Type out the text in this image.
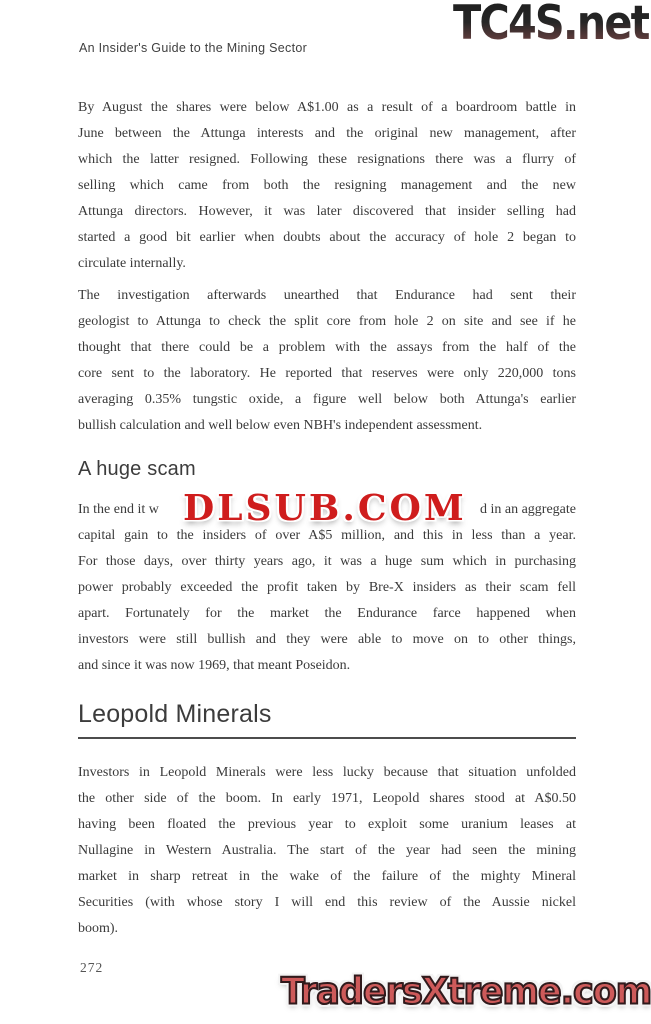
An Insider's Guide to the Mining Sector	TC4S.net
By August the shares were below A$1.00 as a result of a boardroom battle in
June between the Attunga interests and the original new management, after
which the latter resigned. Following these resignations there was a flurry of
selling which came from both the resigning management and the new
Attunga directors. However, it was later discovered that insider selling had
started a good bit earlier when doubts about the accuracy of hole 2 began to
circulate internally.
The investigation afterwards unearthed that Endurance had sent their
geologist to Attunga to check the split core from hole 2 on site and see if he
thought that there could be a problem with the assays from the half of the
core sent to the laboratory. He reported that reserves were only 220,000 tons
averaging 0.35% tungstic oxide, a figure well below both Attunga's earlier
bullish calculation and well below even NBH's independent assessment.
A huge scam
In the end it w	d in an aggregate
capital gain to the insiders of over A$5 million, and this in less than a year.
For those days, over thirty years ago, it was a huge sum which in purchasing
power probably exceeded the profit taken by Bre-X insiders as their scam fell
apart. Fortunately for the market the Endurance farce happened when
investors were still bullish and they were able to move on to other things,
and since it was now 1969, that meant Poseidon.
DLSUB.COM
Leopold Minerals
Investors in Leopold Minerals were less lucky because that situation unfolded
the other side of the boom. In early 1971, Leopold shares stood at A$0.50
having been floated the previous year to exploit some uranium leases at
Nullagine in Western Australia. The start of the year had seen the mining
market in sharp retreat in the wake of the failure of the mighty Mineral
Securities (with whose story I will end this review of the Aussie nickel
boom).
272
TradersXtreme.com
